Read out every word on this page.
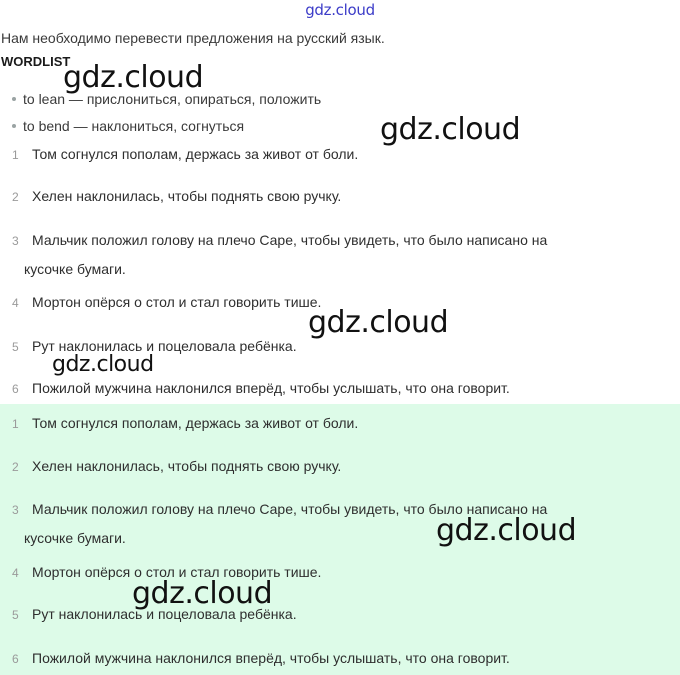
gdz.cloud
Нам необходимо перевести предложения на русский язык.
WORDLIST
to lean — прислониться, опираться, положить
to bend — наклониться, согнуться
1 Том согнулся пополам, держась за живот от боли.
2 Хелен наклонилась, чтобы поднять свою ручку.
3 Мальчик положил голову на плечо Саре, чтобы увидеть, что было написано на
кусочке бумаги.
4 Мортон опёрся о стол и стал говорить тише.
5 Рут наклонилась и поцеловала ребёнка.
6 Пожилой мужчина наклонился вперёд, чтобы услышать, что она говорит.
1 Том согнулся пополам, держась за живот от боли.
2 Хелен наклонилась, чтобы поднять свою ручку.
3 Мальчик положил голову на плечо Саре, чтобы увидеть, что было написано на
кусочке бумаги.
4 Мортон опёрся о стол и стал говорить тише.
5 Рут наклонилась и поцеловала ребёнка.
6 Пожилой мужчина наклонился вперёд, чтобы услышать, что она говорит.
gdz.cloud
gdz.cloud
gdz.cloud
gdz.cloud
gdz.cloud
gdz.cloud
